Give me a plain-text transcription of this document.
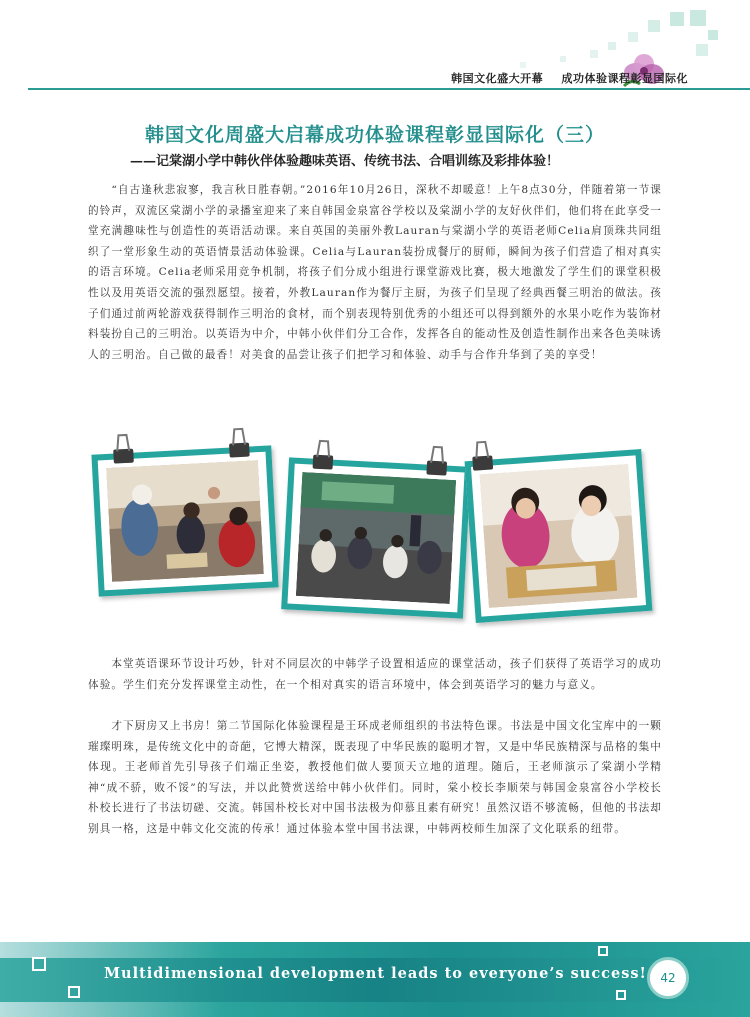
韩国文化盛大开幕 成功体验课程彰显国际化
韩国文化周盛大启幕成功体验课程彰显国际化（三）
——记棠湖小学中韩伙伴体验趣味英语、传统书法、合唱训练及彩排体验！

“自古逢秋悲寂寥，我言秋日胜春朝。”2016年10月26日，深秋不却暖意！上午8点30分，伴随着第一节课的铃声，双流区棠湖小学的录播室迎来了来自韩国金泉富谷学校以及棠湖小学的友好伙伴们，他们将在此享受一堂充满趣味性与创造性的英语活动课。来自英国的美丽外教Lauran与棠湖小学的英语老师Celia肩顶珠共同组织了一堂形象生动的英语情景活动体验课。Celia与Lauran装扮成餐厅的厨师，瞬间为孩子们营造了相对真实的语言环境。Celia老师采用竞争机制，将孩子们分成小组进行课堂游戏比赛，极大地激发了学生们的课堂积极性以及用英语交流的强烈愿望。接着，外教Lauran作为餐厅主厨，为孩子们呈现了经典西餐三明治的做法。孩子们通过前两轮游戏获得制作三明治的食材，而个别表现特别优秀的小组还可以得到额外的水果小吃作为装饰材料装扮自己的三明治。以英语为中介，中韩小伙伴们分工合作，发挥各自的能动性及创造性制作出来各色美味诱人的三明治。自己做的最香！对美食的品尝让孩子们把学习和体验、动手与合作升华到了美的享受！

本堂英语课环节设计巧妙，针对不同层次的中韩学子设置相适应的课堂活动，孩子们获得了英语学习的成功体验。学生们充分发挥课堂主动性，在一个相对真实的语言环境中，体会到英语学习的魅力与意义。

才下厨房又上书房！第二节国际化体验课程是王环成老师组织的书法特色课。书法是中国文化宝库中的一颗璀璨明珠，是传统文化中的奇葩，它博大精深，既表现了中华民族的聪明才智，又是中华民族精深与品格的集中体现。王老师首先引导孩子们端正坐姿，教授他们做人要顶天立地的道理。随后，王老师演示了棠湖小学精神“成不骄，败不馁”的写法，并以此赞赏送给中韩小伙伴们。同时，棠小校长李顺荣与韩国金泉富谷小学校长朴校长进行了书法切磋、交流。韩国朴校长对中国书法极为仰慕且素有研究！虽然汉语不够流畅，但他的书法却别具一格，这是中韩文化交流的传承！通过体验本堂中国书法课，中韩两校师生加深了文化联系的纽带。

Multidimensional development leads to everyone’s success!	42
